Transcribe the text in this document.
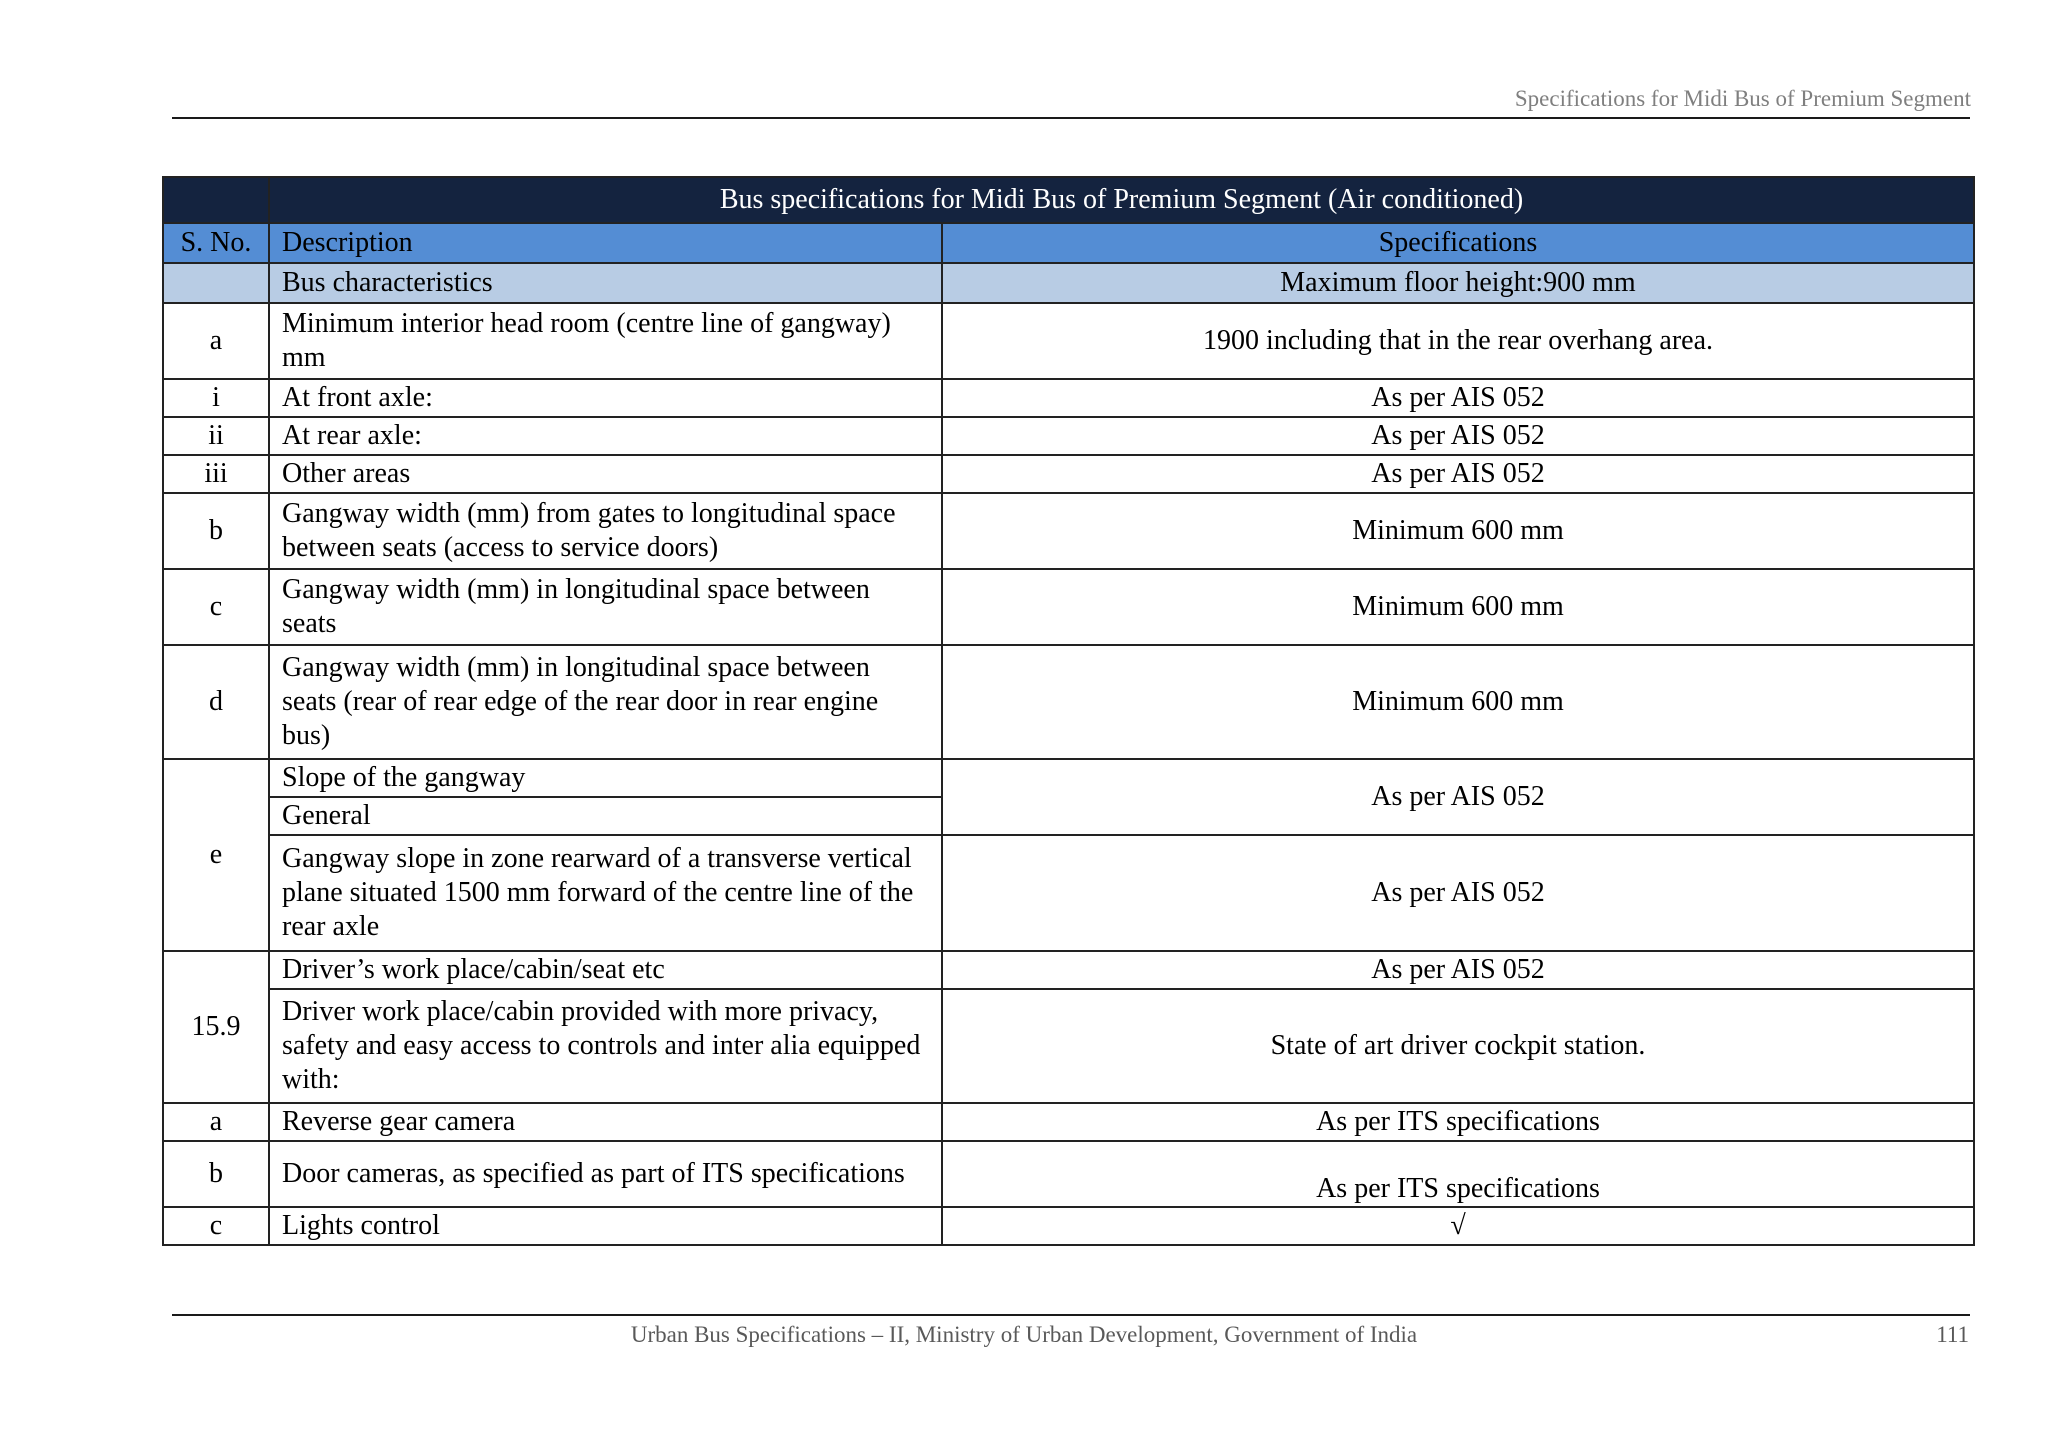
Specifications for Midi Bus of Premium Segment
	Bus specifications for Midi Bus of Premium Segment (Air conditioned)	
S. No.	Description	Specifications
	Bus characteristics	Maximum floor height:900 mm
a	Minimum interior head room (centre line of gangway) mm	1900 including that in the rear overhang area.
i	At front axle:	As per AIS 052
ii	At rear axle:	As per AIS 052
iii	Other areas	As per AIS 052
b	Gangway width (mm) from gates to longitudinal space between seats (access to service doors)	Minimum 600 mm
c	Gangway width (mm) in longitudinal space between seats	Minimum 600 mm
d	Gangway width (mm) in longitudinal space between seats (rear of rear edge of the rear door in rear engine bus)	Minimum 600 mm
e	Slope of the gangway	As per AIS 052
	General	
	Gangway slope in zone rearward of a transverse vertical plane situated 1500 mm forward of the centre line of the rear axle	As per AIS 052
15.9	Driver’s work place/cabin/seat etc	As per AIS 052
	Driver work place/cabin provided with more privacy, safety and easy access to controls and inter alia equipped with:	State of art driver cockpit station.
a	Reverse gear camera	As per ITS specifications
b	Door cameras, as specified as part of ITS specifications	As per ITS specifications
c	Lights control	√
Urban Bus Specifications – II, Ministry of Urban Development, Government of India	111
